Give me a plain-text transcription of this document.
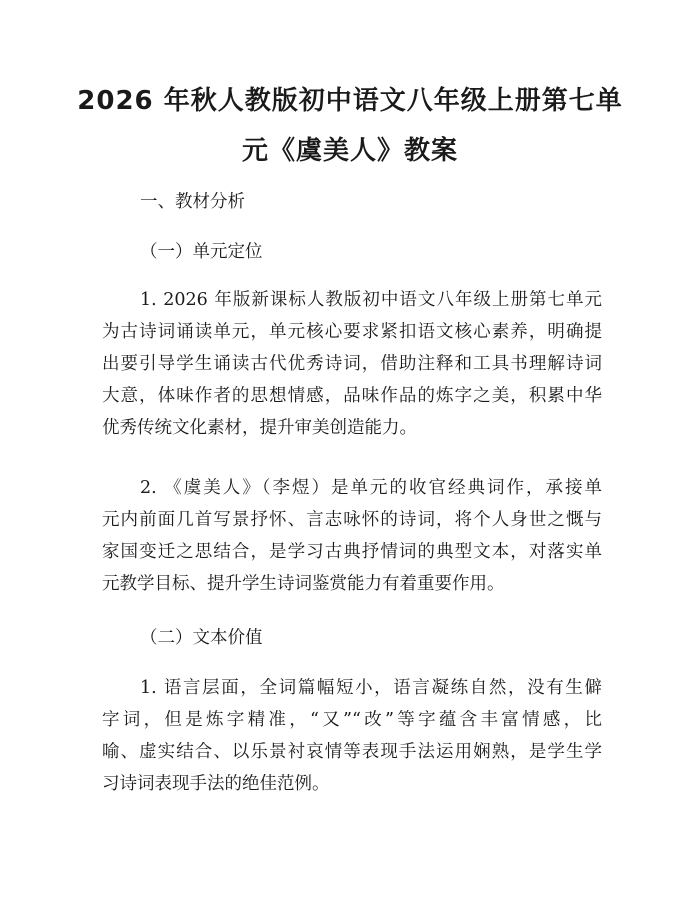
2026 年秋人教版初中语文八年级上册第七单
元《虞美人》教案

一、教材分析

（一）单元定位

1. 2026 年版新课标人教版初中语文八年级上册第七单元
为古诗词诵读单元，单元核心要求紧扣语文核心素养，明确提
出要引导学生诵读古代优秀诗词，借助注释和工具书理解诗词
大意，体味作者的思想情感，品味作品的炼字之美，积累中华
优秀传统文化素材，提升审美创造能力。
2. 《虞美人》（李煜）是单元的收官经典词作，承接单
元内前面几首写景抒怀、言志咏怀的诗词，将个人身世之慨与
家国变迁之思结合，是学习古典抒情词的典型文本，对落实单
元教学目标、提升学生诗词鉴赏能力有着重要作用。

（二）文本价值

1. 语言层面，全词篇幅短小，语言凝练自然，没有生僻
字词，但是炼字精准，“又”“改”等字蕴含丰富情感，比
喻、虚实结合、以乐景衬哀情等表现手法运用娴熟，是学生学
习诗词表现手法的绝佳范例。
